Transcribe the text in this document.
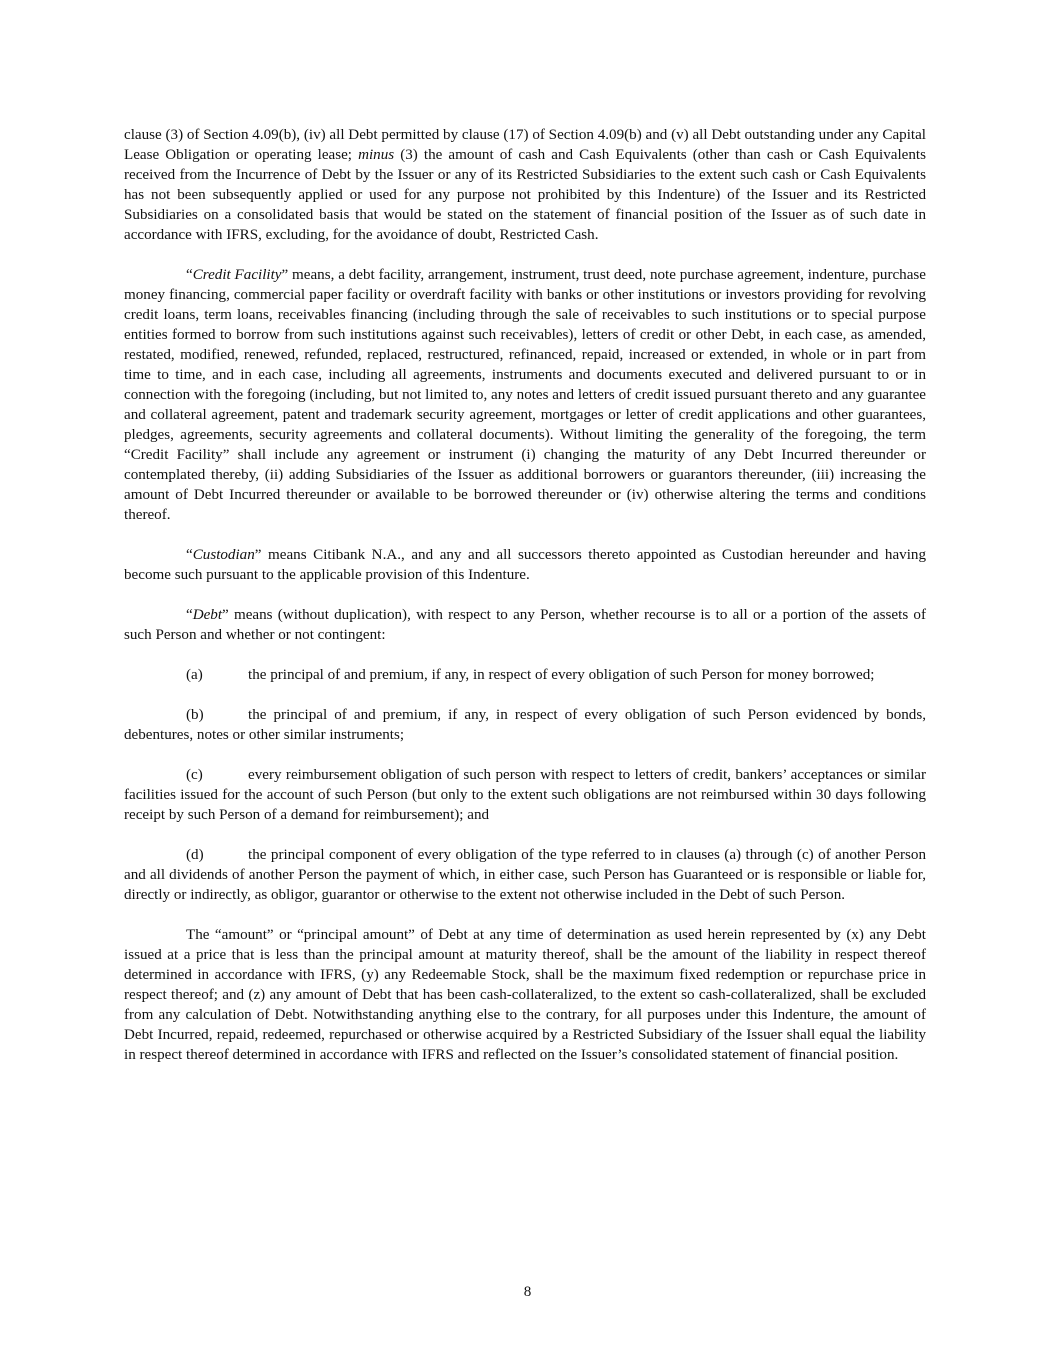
clause (3) of Section 4.09(b), (iv) all Debt permitted by clause (17) of Section 4.09(b) and (v) all Debt outstanding under any Capital Lease Obligation or operating lease; minus (3) the amount of cash and Cash Equivalents (other than cash or Cash Equivalents received from the Incurrence of Debt by the Issuer or any of its Restricted Subsidiaries to the extent such cash or Cash Equivalents has not been subsequently applied or used for any purpose not prohibited by this Indenture) of the Issuer and its Restricted Subsidiaries on a consolidated basis that would be stated on the statement of financial position of the Issuer as of such date in accordance with IFRS, excluding, for the avoidance of doubt, Restricted Cash.

“Credit Facility” means, a debt facility, arrangement, instrument, trust deed, note purchase agreement, indenture, purchase money financing, commercial paper facility or overdraft facility with banks or other institutions or investors providing for revolving credit loans, term loans, receivables financing (including through the sale of receivables to such institutions or to special purpose entities formed to borrow from such institutions against such receivables), letters of credit or other Debt, in each case, as amended, restated, modified, renewed, refunded, replaced, restructured, refinanced, repaid, increased or extended, in whole or in part from time to time, and in each case, including all agreements, instruments and documents executed and delivered pursuant to or in connection with the foregoing (including, but not limited to, any notes and letters of credit issued pursuant thereto and any guarantee and collateral agreement, patent and trademark security agreement, mortgages or letter of credit applications and other guarantees, pledges, agreements, security agreements and collateral documents). Without limiting the generality of the foregoing, the term “Credit Facility” shall include any agreement or instrument (i) changing the maturity of any Debt Incurred thereunder or contemplated thereby, (ii) adding Subsidiaries of the Issuer as additional borrowers or guarantors thereunder, (iii) increasing the amount of Debt Incurred thereunder or available to be borrowed thereunder or (iv) otherwise altering the terms and conditions thereof.

“Custodian” means Citibank N.A., and any and all successors thereto appointed as Custodian hereunder and having become such pursuant to the applicable provision of this Indenture.

“Debt” means (without duplication), with respect to any Person, whether recourse is to all or a portion of the assets of such Person and whether or not contingent:

(a)	the principal of and premium, if any, in respect of every obligation of such Person for money borrowed;

(b)	the principal of and premium, if any, in respect of every obligation of such Person evidenced by bonds, debentures, notes or other similar instruments;

(c)	every reimbursement obligation of such person with respect to letters of credit, bankers’ acceptances or similar facilities issued for the account of such Person (but only to the extent such obligations are not reimbursed within 30 days following receipt by such Person of a demand for reimbursement); and

(d)	the principal component of every obligation of the type referred to in clauses (a) through (c) of another Person and all dividends of another Person the payment of which, in either case, such Person has Guaranteed or is responsible or liable for, directly or indirectly, as obligor, guarantor or otherwise to the extent not otherwise included in the Debt of such Person.

The “amount” or “principal amount” of Debt at any time of determination as used herein represented by (x) any Debt issued at a price that is less than the principal amount at maturity thereof, shall be the amount of the liability in respect thereof determined in accordance with IFRS, (y) any Redeemable Stock, shall be the maximum fixed redemption or repurchase price in respect thereof; and (z) any amount of Debt that has been cash-collateralized, to the extent so cash-collateralized, shall be excluded from any calculation of Debt. Notwithstanding anything else to the contrary, for all purposes under this Indenture, the amount of Debt Incurred, repaid, redeemed, repurchased or otherwise acquired by a Restricted Subsidiary of the Issuer shall equal the liability in respect thereof determined in accordance with IFRS and reflected on the Issuer’s consolidated statement of financial position.

8
